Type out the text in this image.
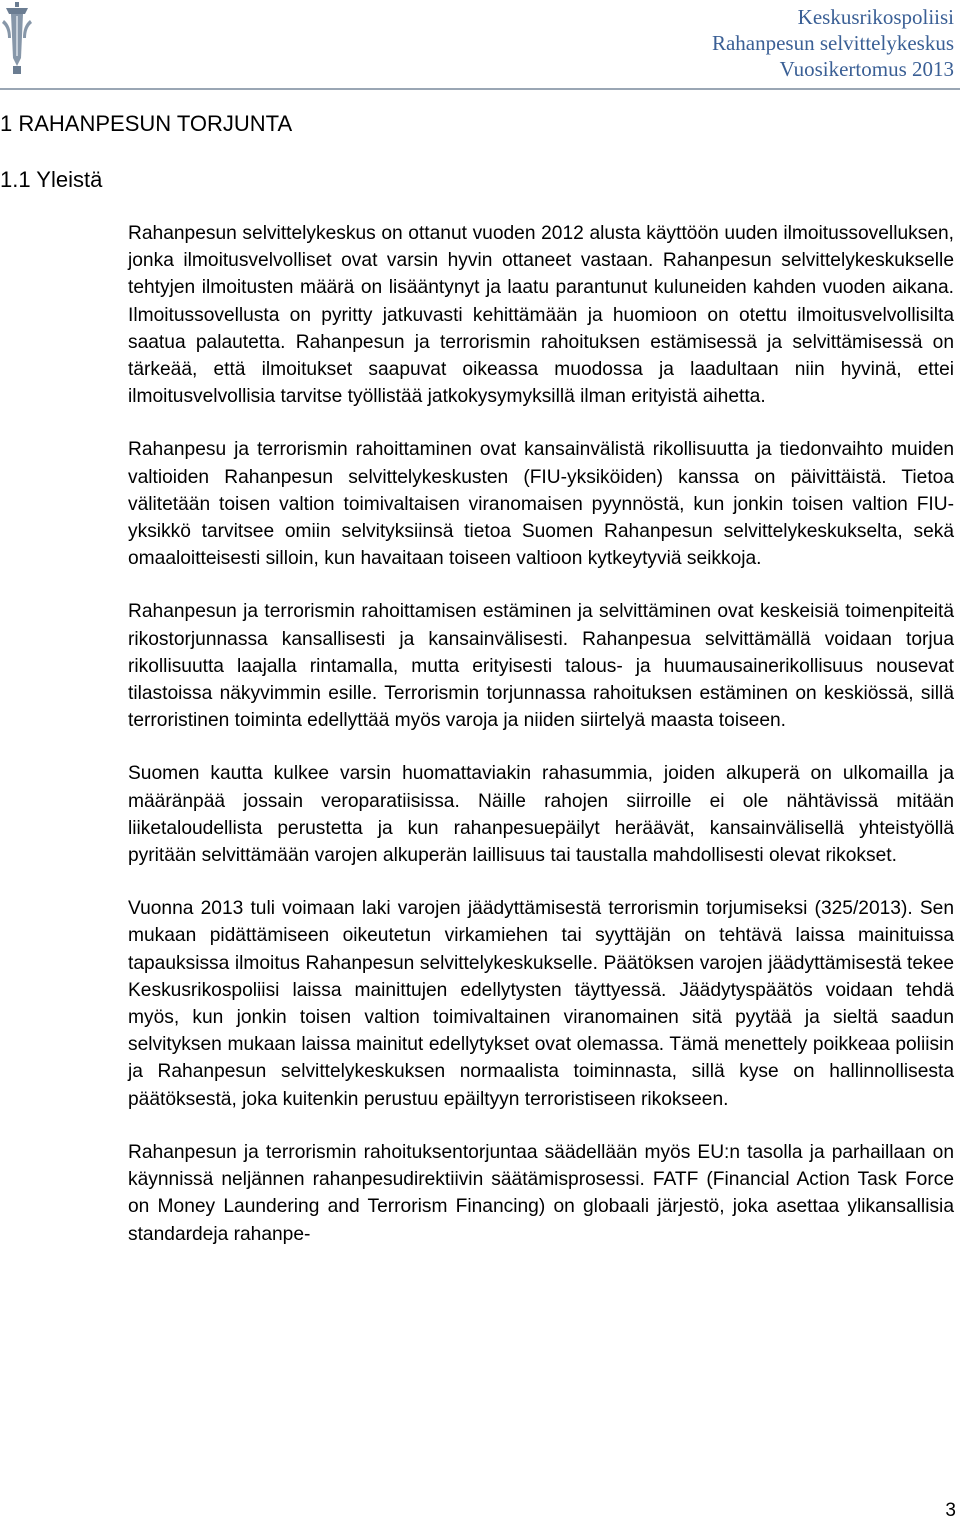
Keskusrikospoliisi
Rahanpesun selvittelykeskus
Vuosikertomus 2013
1 RAHANPESUN TORJUNTA
1.1 Yleistä

Rahanpesun selvittelykeskus on ottanut vuoden 2012 alusta käyttöön uuden ilmoitussovelluksen, jonka ilmoitusvelvolliset ovat varsin hyvin ottaneet vastaan. Rahanpesun selvittelykeskukselle tehtyjen ilmoitusten määrä on lisääntynyt ja laatu parantunut kuluneiden kahden vuoden aikana. Ilmoitussovellusta on pyritty jatkuvasti kehittämään ja huomioon on otettu ilmoitusvelvollisilta saatua palautetta. Rahanpesun ja terrorismin rahoituksen estämisessä ja selvittämisessä on tärkeää, että ilmoitukset saapuvat oikeassa muodossa ja laadultaan niin hyvinä, ettei ilmoitusvelvollisia tarvitse työllistää jatkokysymyksillä ilman erityistä aihetta.

Rahanpesu ja terrorismin rahoittaminen ovat kansainvälistä rikollisuutta ja tiedonvaihto muiden valtioiden Rahanpesun selvittelykeskusten (FIU-yksiköiden) kanssa on päivittäistä. Tietoa välitetään toisen valtion toimivaltaisen viranomaisen pyynnöstä, kun jonkin toisen valtion FIU-yksikkö tarvitsee omiin selvityksiinsä tietoa Suomen Rahanpesun selvittelykeskukselta, sekä omaaloitteisesti silloin, kun havaitaan toiseen valtioon kytkeytyviä seikkoja.

Rahanpesun ja terrorismin rahoittamisen estäminen ja selvittäminen ovat keskeisiä toimenpiteitä rikostorjunnassa kansallisesti ja kansainvälisesti. Rahanpesua selvittämällä voidaan torjua rikollisuutta laajalla rintamalla, mutta erityisesti talous- ja huumausainerikollisuus nousevat tilastoissa näkyvimmin esille. Terrorismin torjunnassa rahoituksen estäminen on keskiössä, sillä terroristinen toiminta edellyttää myös varoja ja niiden siirtelyä maasta toiseen.

Suomen kautta kulkee varsin huomattaviakin rahasummia, joiden alkuperä on ulkomailla ja määränpää jossain veroparatiisissa. Näille rahojen siirroille ei ole nähtävissä mitään liiketaloudellista perustetta ja kun rahanpesuepäilyt heräävät, kansainvälisellä yhteistyöllä pyritään selvittämään varojen alkuperän laillisuus tai taustalla mahdollisesti olevat rikokset.

Vuonna 2013 tuli voimaan laki varojen jäädyttämisestä terrorismin torjumiseksi (325/2013). Sen mukaan pidättämiseen oikeutetun virkamiehen tai syyttäjän on tehtävä laissa mainituissa tapauksissa ilmoitus Rahanpesun selvittelykeskukselle. Päätöksen varojen jäädyttämisestä tekee Keskusrikospoliisi laissa mainittujen edellytysten täyttyessä. Jäädytyspäätös voidaan tehdä myös, kun jonkin toisen valtion toimivaltainen viranomainen sitä pyytää ja sieltä saadun selvityksen mukaan laissa mainitut edellytykset ovat olemassa. Tämä menettely poikkeaa poliisin ja Rahanpesun selvittelykeskuksen normaalista toiminnasta, sillä kyse on hallinnollisesta päätöksestä, joka kuitenkin perustuu epäiltyyn terroristiseen rikokseen.

Rahanpesun ja terrorismin rahoituksentorjuntaa säädellään myös EU:n tasolla ja parhaillaan on käynnissä neljännen rahanpesudirektiivin säätämisprosessi. FATF (Financial Action Task Force on Money Laundering and Terrorism Financing) on globaali järjestö, joka asettaa ylikansallisia standardeja rahanpe-

3
